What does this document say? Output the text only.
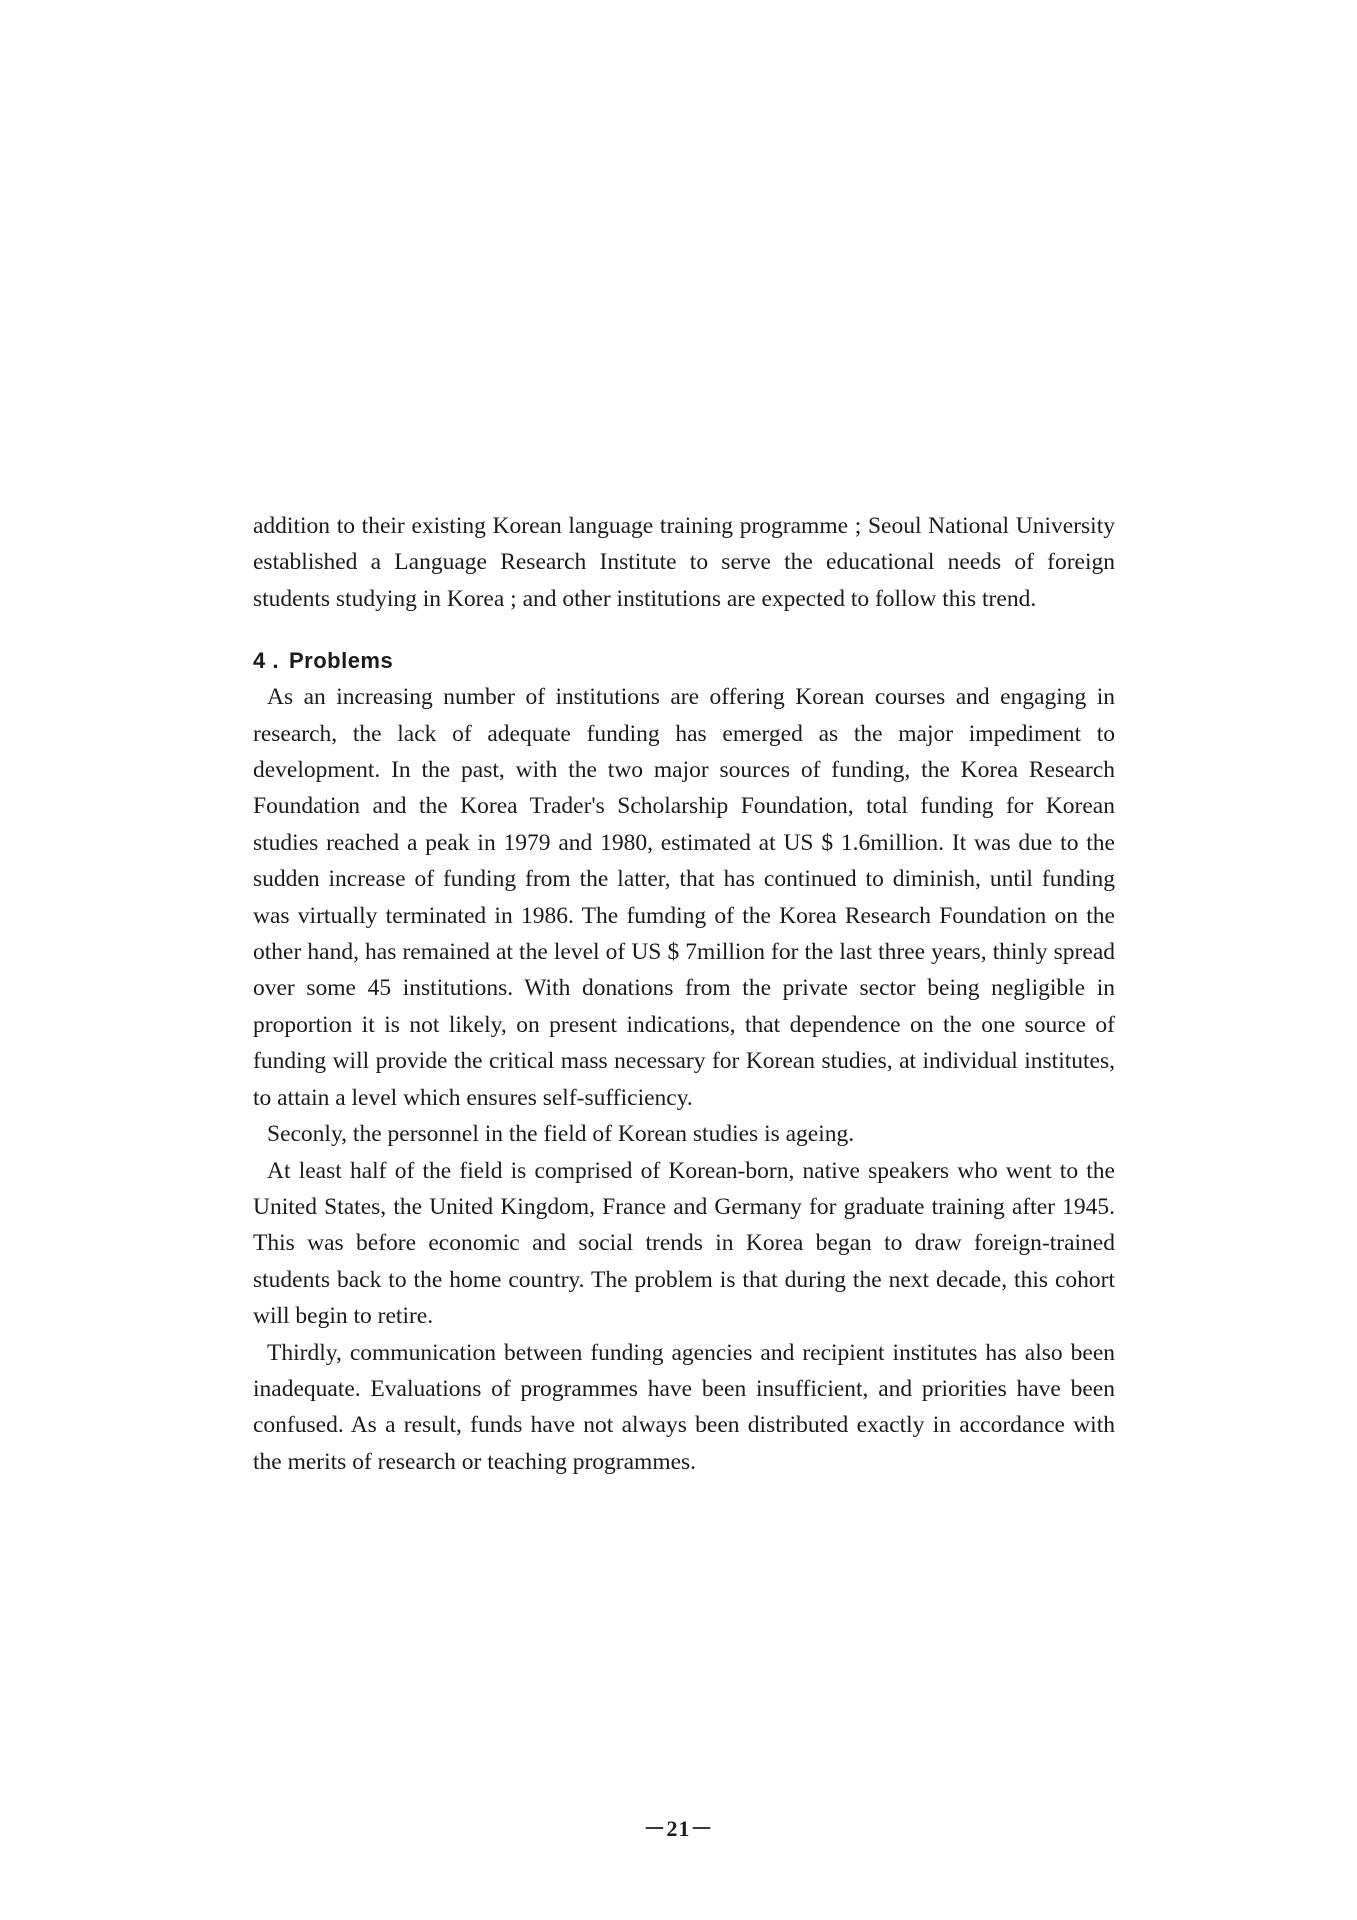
addition to their existing Korean language training programme ; Seoul National University established a Language Research Institute to serve the educational needs of foreign students studying in Korea ; and other institutions are expected to follow this trend.

4 . Problems

As an increasing number of institutions are offering Korean courses and engaging in research, the lack of adequate funding has emerged as the major impediment to development. In the past, with the two major sources of funding, the Korea Research Foundation and the Korea Trader's Scholarship Foundation, total funding for Korean studies reached a peak in 1979 and 1980, estimated at US $ 1.6million. It was due to the sudden increase of funding from the latter, that has continued to diminish, until funding was virtually terminated in 1986. The fumding of the Korea Research Foundation on the other hand, has remained at the level of US $ 7million for the last three years, thinly spread over some 45 institutions. With donations from the private sector being negligible in proportion it is not likely, on present indications, that dependence on the one source of funding will provide the critical mass necessary for Korean studies, at individual institutes, to attain a level which ensures self-sufficiency.

Seconly, the personnel in the field of Korean studies is ageing.

At least half of the field is comprised of Korean-born, native speakers who went to the United States, the United Kingdom, France and Germany for graduate training after 1945. This was before economic and social trends in Korea began to draw foreign-trained students back to the home country. The problem is that during the next decade, this cohort will begin to retire.

Thirdly, communication between funding agencies and recipient institutes has also been inadequate. Evaluations of programmes have been insufficient, and priorities have been confused. As a result, funds have not always been distributed exactly in accordance with the merits of research or teaching programmes.

－21－
